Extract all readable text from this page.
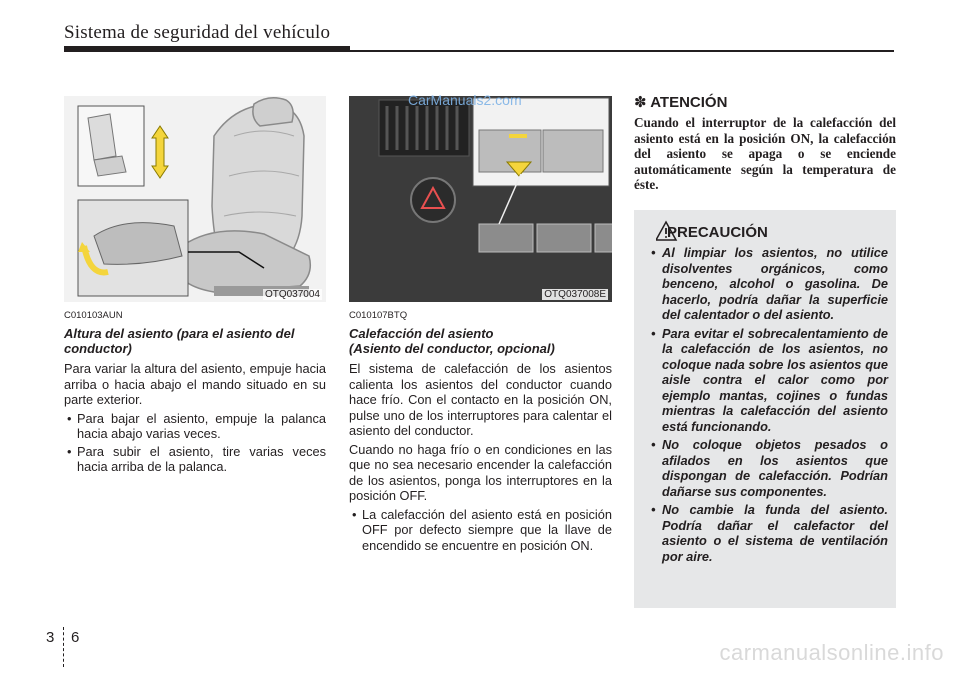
Sistema de seguridad del vehículo
OTQ037004	OTQ037008E
CarManuals2.com
C010103AUN
Altura del asiento (para el asiento del conductor)

Para variar la altura del asiento, empuje hacia arriba o hacia abajo el mando situado en su parte exterior.

• Para bajar el asiento, empuje la palanca hacia abajo varias veces.
• Para subir el asiento, tire varias veces hacia arriba de la palanca.
C010107BTQ
Calefacción del asiento
(Asiento del conductor, opcional)

El sistema de calefacción de los asientos calienta los asientos del conductor cuando hace frío. Con el contacto en la posición ON, pulse uno de los interruptores para calentar el asiento del conductor.

Cuando no haga frío o en condiciones en las que no sea necesario encender la calefacción de los asientos, ponga los interruptores en la posición OFF.

• La calefacción del asiento está en posición OFF por defecto siempre que la llave de encendido se encuentre en posición ON.
✽ ATENCIÓN

Cuando el interruptor de la calefacción del asiento está en la posición ON, la calefacción del asiento se apaga o se enciende automáticamente según la temperatura de éste.

PRECAUCIÓN
• Al limpiar los asientos, no utilice disolventes orgánicos, como benceno, alcohol o gasolina. De hacerlo, podría dañar la superficie del calentador o del asiento.
• Para evitar el sobrecalentamiento de la calefacción de los asientos, no coloque nada sobre los asientos que aisle contra el calor como por ejemplo mantas, cojines o fundas mientras la calefacción del asiento está funcionando.
• No coloque objetos pesados o afilados en los asientos que dispongan de calefacción. Podrían dañarse sus componentes.
• No cambie la funda del asiento. Podría dañar el calefactor del asiento o el sistema de ventilación por aire.
3 6
carmanualsonline.info
